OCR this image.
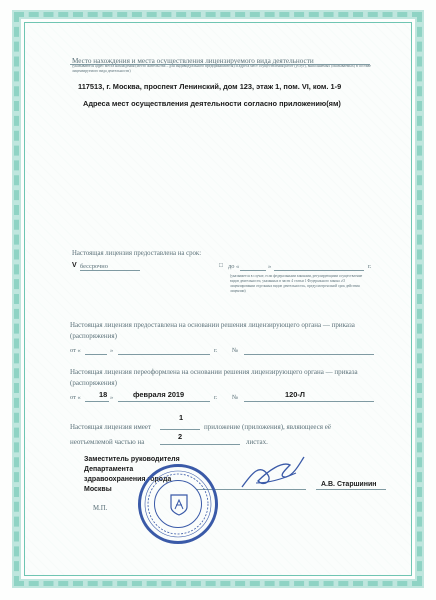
Место нахождения и места осуществления лицензируемого вида деятельности
(указываются адрес места нахождения (место жительства – для индивидуального предпринимателя) и адреса мест осуществления работ (услуг), выполняемых (оказываемых) в составе лицензируемого вида деятельности)
117513, г. Москва, проспект Ленинский, дом 123, этаж 1, пом. VI, ком. 1-9
Адреса мест осуществления деятельности согласно приложению(ям)
Настоящая лицензия предоставлена на срок:
V бессрочно	□ до «	»	г.
(указывается в случае, если федеральными законами, регулирующими осуществление видов деятельности, указанных в части 4 статьи 1 Федерального закона «О лицензировании отдельных видов деятельности», предусмотрен иной срок действия лицензии)
Настоящая лицензия предоставлена на основании решения лицензирующего органа — приказа (распоряжения)
от «	»	г. №
Настоящая лицензия переоформлена на основании решения лицензирующего органа — приказа (распоряжения)
от « 18 »	февраля 2019	г. №	120-Л
Настоящая лицензия имеет
1
приложение (приложения), являющееся её
неотъемлемой частью на
2
листах.
Заместитель руководителя
Департамента
здравоохранения города
Москвы
А.В. Старшинин
М.П.
